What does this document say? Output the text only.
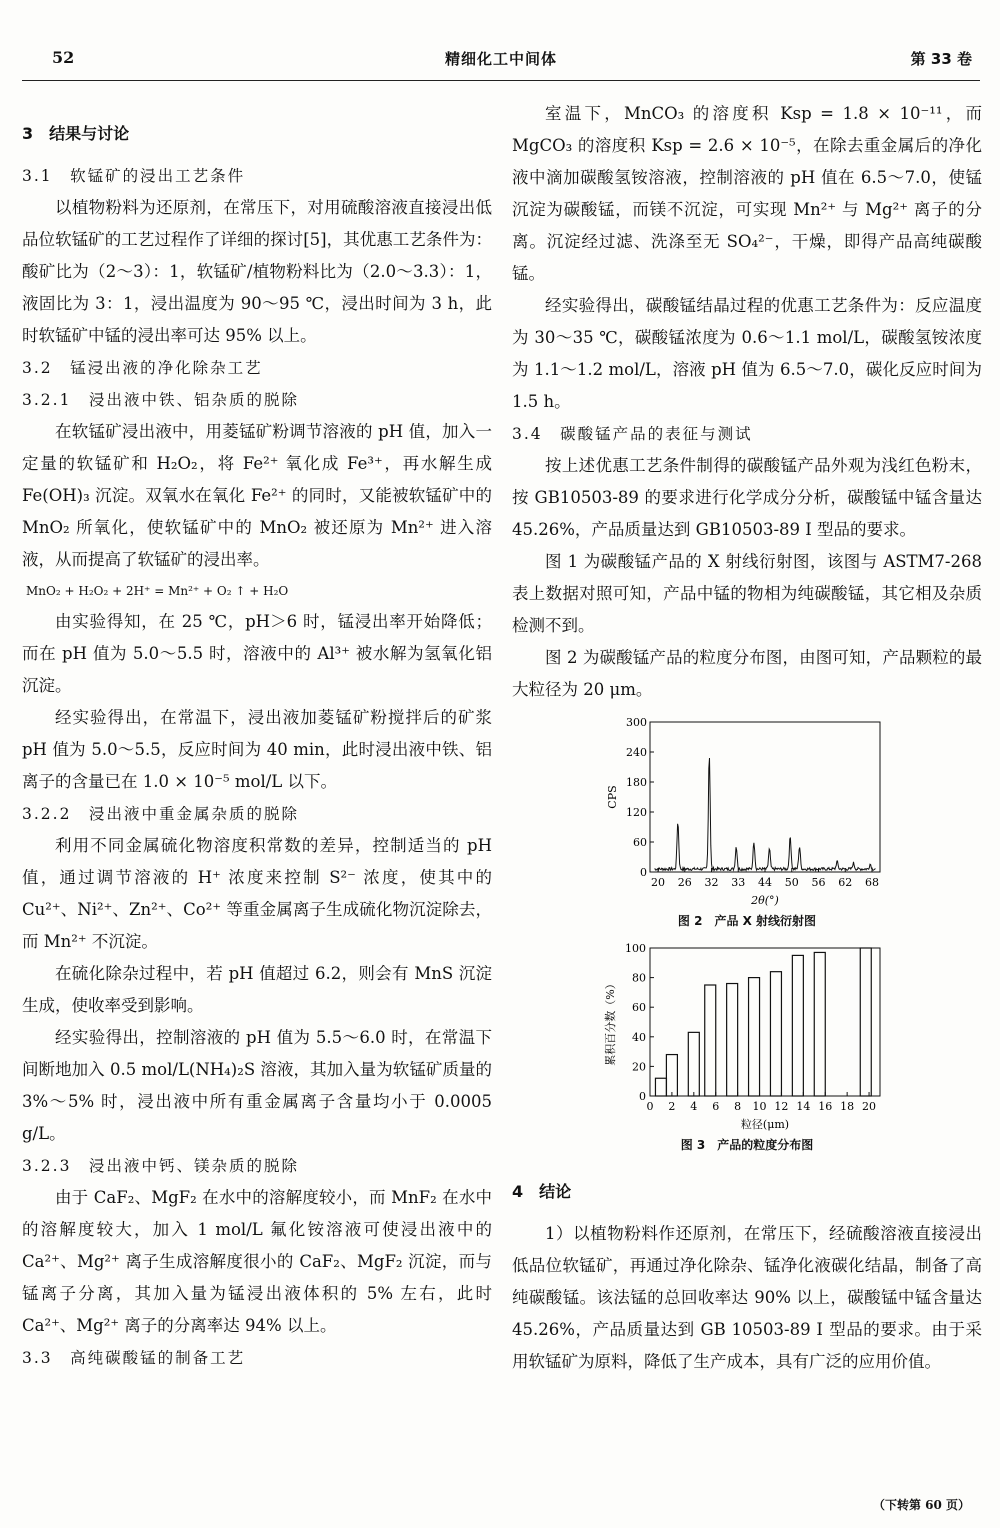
52	精细化工中间体	第 33 卷
3　结果与讨论
3.1　软锰矿的浸出工艺条件

以植物粉料为还原剂，在常压下，对用硫酸溶液直接浸出低品位软锰矿的工艺过程作了详细的探讨[5]，其优惠工艺条件为：酸矿比为（2～3）：1，软锰矿/植物粉料比为（2.0～3.3）：1，液固比为 3：1，浸出温度为 90～95 ℃，浸出时间为 3 h，此时软锰矿中锰的浸出率可达 95% 以上。

3.2　锰浸出液的净化除杂工艺
3.2.1　浸出液中铁、铝杂质的脱除

在软锰矿浸出液中，用菱锰矿粉调节溶液的 pH 值，加入一定量的软锰矿和 H₂O₂，将 Fe²⁺ 氧化成 Fe³⁺，再水解生成 Fe(OH)₃ 沉淀。双氧水在氧化 Fe²⁺ 的同时，又能被软锰矿中的 MnO₂ 所氧化，使软锰矿中的 MnO₂ 被还原为 Mn²⁺ 进入溶液，从而提高了软锰矿的浸出率。

MnO₂ + H₂O₂ + 2H⁺ = Mn²⁺ + O₂ ↑ + H₂O

由实验得知，在 25 ℃，pH＞6 时，锰浸出率开始降低；而在 pH 值为 5.0～5.5 时，溶液中的 Al³⁺ 被水解为氢氧化铝沉淀。

经实验得出，在常温下，浸出液加菱锰矿粉搅拌后的矿浆 pH 值为 5.0～5.5，反应时间为 40 min，此时浸出液中铁、铝离子的含量已在 1.0 × 10⁻⁵ mol/L 以下。

3.2.2　浸出液中重金属杂质的脱除

利用不同金属硫化物溶度积常数的差异，控制适当的 pH 值，通过调节溶液的 H⁺ 浓度来控制 S²⁻ 浓度，使其中的 Cu²⁺、Ni²⁺、Zn²⁺、Co²⁺ 等重金属离子生成硫化物沉淀除去，而 Mn²⁺ 不沉淀。

在硫化除杂过程中，若 pH 值超过 6.2，则会有 MnS 沉淀生成，使收率受到影响。

经实验得出，控制溶液的 pH 值为 5.5～6.0 时，在常温下间断地加入 0.5 mol/L(NH₄)₂S 溶液，其加入量为软锰矿质量的 3%～5% 时，浸出液中所有重金属离子含量均小于 0.0005 g/L。

3.2.3　浸出液中钙、镁杂质的脱除

由于 CaF₂、MgF₂ 在水中的溶解度较小，而 MnF₂ 在水中的溶解度较大，加入 1 mol/L 氟化铵溶液可使浸出液中的 Ca²⁺、Mg²⁺ 离子生成溶解度很小的 CaF₂、MgF₂ 沉淀，而与锰离子分离，其加入量为锰浸出液体积的 5% 左右，此时 Ca²⁺、Mg²⁺ 离子的分离率达 94% 以上。

3.3　高纯碳酸锰的制备工艺

室温下，MnCO₃ 的溶度积 Ksp = 1.8 × 10⁻¹¹，而 MgCO₃ 的溶度积 Ksp = 2.6 × 10⁻⁵，在除去重金属后的净化液中滴加碳酸氢铵溶液，控制溶液的 pH 值在 6.5～7.0，使锰沉淀为碳酸锰，而镁不沉淀，可实现 Mn²⁺ 与 Mg²⁺ 离子的分离。沉淀经过滤、洗涤至无 SO₄²⁻，干燥，即得产品高纯碳酸锰。

经实验得出，碳酸锰结晶过程的优惠工艺条件为：反应温度为 30～35 ℃，碳酸锰浓度为 0.6～1.1 mol/L，碳酸氢铵浓度为 1.1～1.2 mol/L，溶液 pH 值为 6.5～7.0，碳化反应时间为 1.5 h。

3.4　碳酸锰产品的表征与测试

按上述优惠工艺条件制得的碳酸锰产品外观为浅红色粉末，按 GB10503-89 的要求进行化学成分分析，碳酸锰中锰含量达 45.26%，产品质量达到 GB10503-89 Ⅰ 型品的要求。

图 1 为碳酸锰产品的 X 射线衍射图，该图与 ASTM7-268 表上数据对照可知，产品中锰的物相为纯碳酸锰，其它相及杂质检测不到。

图 2 为碳酸锰产品的粒度分布图，由图可知，产品颗粒的最大粒径为 20 μm。

0
60
120
180
240
300
20 26 32 33 44 50 56 62 68
2θ(°)
CPS
图 2　产品 X 射线衍射图
0
20
40
60
80
100
0 2 4 6 8 10 12 14 16 18 20
粒径(μm)
累积百分数（%）
图 3　产品的粒度分布图
4　结论

1）以植物粉料作还原剂，在常压下，经硫酸溶液直接浸出低品位软锰矿，再通过净化除杂、锰净化液碳化结晶，制备了高纯碳酸锰。该法锰的总回收率达 90% 以上，碳酸锰中锰含量达 45.26%，产品质量达到 GB 10503-89 Ⅰ 型品的要求。由于采用软锰矿为原料，降低了生产成本，具有广泛的应用价值。

（下转第 60 页）
